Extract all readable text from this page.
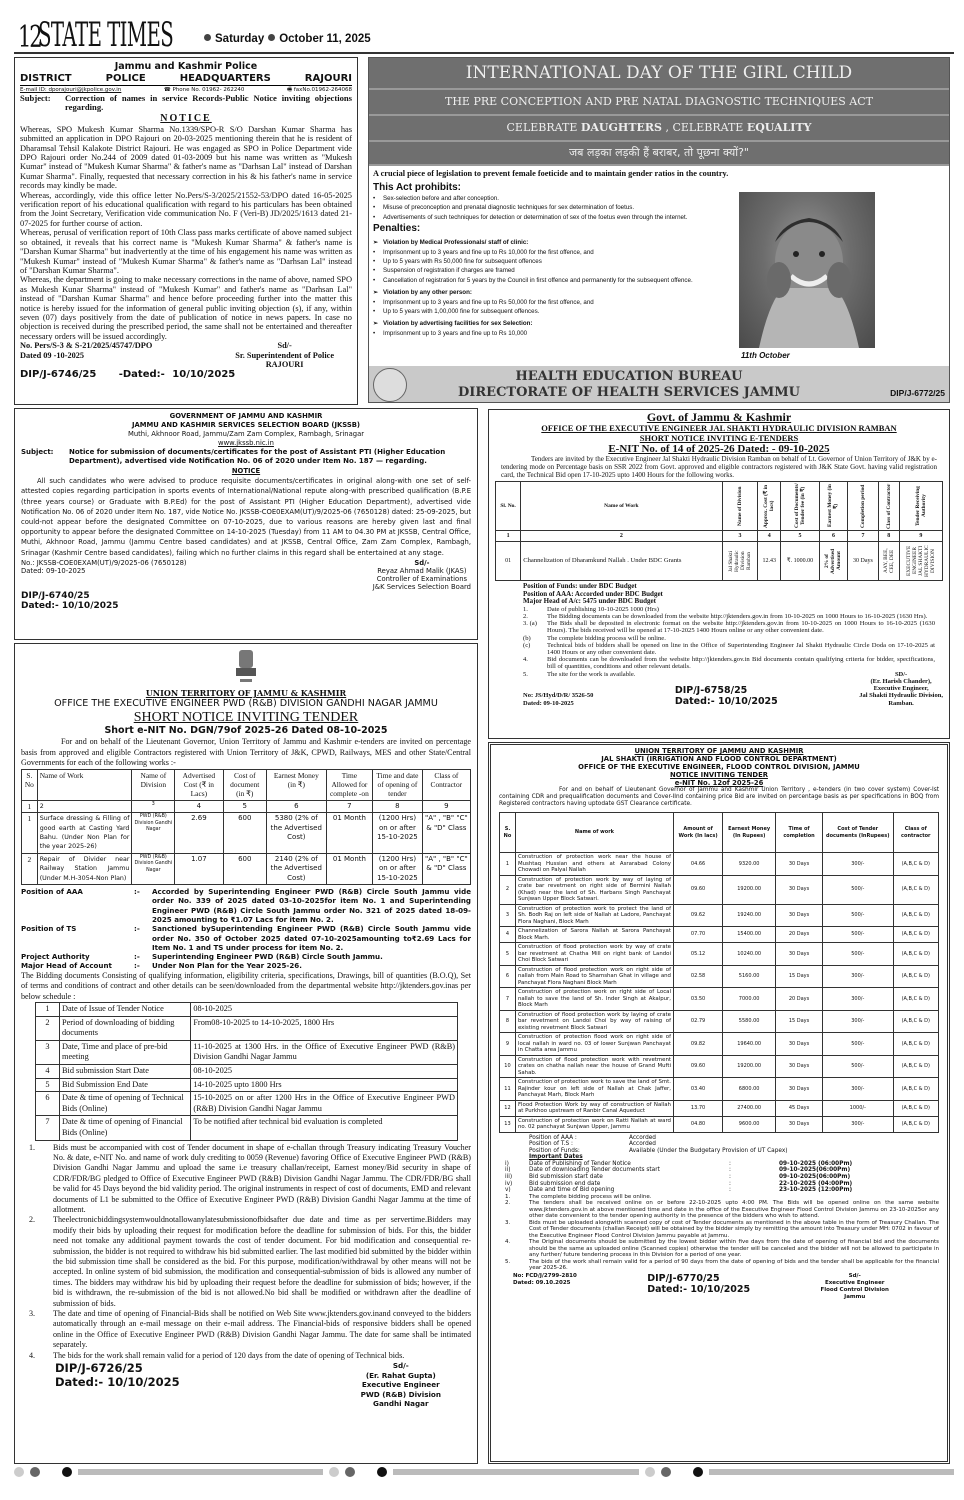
12
STATE TIMES	Saturday October 11, 2025
Jammu and Kashmir Police
DISTRICT	POLICE	HEADQUARTERS	RAJOURI
E-mail ID: dporajouri@jkpolice.gov.in	☎ Phone No. 01962- 262240	🖷 faxNo.01962-264068
Subject:	Correction of names in service Records-Public Notice inviting objections regarding.
NOTICE

Whereas, SPO Mukesh Kumar Sharma No.1339/SPO-R S/O Darshan Kumar Sharma has submitted an application in DPO Rajouri on 20-03-2025 mentioning therein that he is resident of Dharamsal Tehsil Kalakote District Rajouri. He was engaged as SPO in Police Department vide DPO Rajouri order No.244 of 2009 dated 01-03-2009 but his name was written as "Mukesh Kumar" instead of "Mukesh Kumar Sharma" & father's name as "Darhsan Lal" instead of Darshan Kumar Sharma". Finally, requested that necessary correction in his & his father's name in service records may kindly be made.

Whereas, accordingly, vide this office letter No.Pers/S-3/2025/21552-53/DPO dated 16-05-2025 verification report of his educational qualification with regard to his particulars has been obtained from the Joint Secretary, Verification vide communication No. F (Veri-B) JD/2025/1613 dated 21-07-2025 for further course of action.

Whereas, perusal of verification report of 10th Class pass marks certificate of above named subject so obtained, it reveals that his correct name is "Mukesh Kumar Sharma" & father's name is "Darshan Kumar Sharma" but inadvertently at the time of his engagement his name was written as "Mukesh Kumar" instead of "Mukesh Kumar Sharma" & father's name as "Darhsan Lal" instead of "Darshan Kumar Sharma".

Whereas, the department is going to make necessary corrections in the name of above, named SPO as Mukesh Kunar Sharma" instead of "Mukesh Kumar" and father's name as "Darhsan Lal" instead of "Darshan Kumar Sharma" and hence before proceeding further into the matter this notice is hereby issued for the information of general public inviting objection (s), if any, within seven (07) days positively from the date of publication of notice in news papers. In case no objection is received during the prescribed period, the same shall not be entertained and thereafter necessary orders will be issued accordingly.

No. Pers/S-3 & S-21/2025/45747/DPO
Dated 09 -10-2025
Sd/-
Sr. Superintendent of Police
RAJOURI
DIP/J-6746/25 -Dated:- 10/10/2025
INTERNATIONAL DAY OF THE GIRL CHILD
THE PRE CONCEPTION AND PRE NATAL DIAGNOSTIC TECHNIQUES ACT
CELEBRATE DAUGHTERS , CELEBRATE EQUALITY
जब लड़का लड़की हैं बराबर, तो पूछना क्यों?"
A crucial piece of legislation to prevent female foeticide and to maintain gender ratios in the country.
This Act prohibits:
• Sex-selection before and after conception.
• Misuse of preconception and prenatal diagnostic techniques for sex determination of foetus.
• Advertisements of such techniques for detection or determination of sex of the foetus even through the internet.
Penalties:
➢ Violation by Medical Professionals/ staff of clinic:
• Imprisonment up to 3 years and fine up to Rs 10,000 for the first offence, and
• Up to 5 years with Rs 50,000 fine for subsequent offences
• Suspension of registration if charges are framed
• Cancellation of registration for 5 years by the Council in first offence and permanently for the subsequent offence.
➢ Violation by any other person:
• Imprisonment up to 3 years and fine up to Rs 50,000 for the first offence, and
• Up to 5 years with 1,00,000 fine for subsequent offences.
➢ Violation by advertising facilities for sex Selection:
• Imprisonment up to 3 years and fine up to Rs 10,000
11th October
HEALTH EDUCATION BUREAU
DIRECTORATE OF HEALTH SERVICES JAMMU	DIP/J-6772/25
GOVERNMENT OF JAMMU AND KASHMIR
JAMMU AND KASHMIR SERVICES SELECTION BOARD (JKSSB)
Muthi, Akhnoor Road, Jammu/Zam Zam Complex, Rambagh, Srinagar
www.jkssb.nic.in
Subject:	Notice for submission of documents/certificates for the post of Assistant PTI (Higher Education Department), advertised vide Notification No. 06 of 2020 under Item No. 187 — regarding.
NOTICE

All such candidates who were advised to produce requisite documents/certificates in original along-with one set of self-attested copies regarding participation in sports events of International/National repute along-with prescribed qualification (B.P.E (three years course) or Graduate with B.P.Ed) for the post of Assistant PTI (Higher Education Department), advertised vide Notification No. 06 of 2020 under Item No. 187, vide Notice No. JKSSB-COE0EXAM(UT)/9/2025-06 (7650128) dated: 25-09-2025, but could-not appear before the designated Committee on 07-10-2025, due to various reasons are hereby given last and final opportunity to appear before the designated Committee on 14-10-2025 (Tuesday) from 11 AM to 04.30 PM at JKSSB, Central Office, Muthi, Akhnoor Road, Jammu (Jammu Centre based candidates) and at JKSSB, Central Office, Zam Zam Complex, Rambagh, Srinagar (Kashmir Centre based candidates), failing which no further claims in this regard shall be entertained at any stage.

No.: JKSSB-COE0EXAM(UT)/9/2025-06 (7650128)
Dated: 09-10-2025
Sd/-
Reyaz Ahmad Malik (JKAS)
Controller of Examinations
J&K Services Selection Board
DIP/J-6740/25
Dated:- 10/10/2025
UNION TERRITORY OF JAMMU & KASHMIR
OFFICE THE EXECUTIVE ENGINEER PWD (R&B) DIVISION GANDHI NAGAR JAMMU
SHORT NOTICE INVITING TENDER
Short e-NIT No. DGN/79of 2025-26 Dated 08-10-2025

For and on behalf of the Lieutenant Governor, Union Territory of Jammu and Kashmir e-tenders are invited on percentage basis from approved and eligible Contractors registered with Union Territory of J&K, CPWD, Railways, MES and other State/Central Governments for each of the following works :-

S. No	Name of Work	Name of Division	Advertised Cost (₹ in Lacs)	Cost of document (in ₹)	Earnest Money (in ₹)	Time Allowed for complete -on	Time and date of opening of tender	Class of Contractor
1	2	3	4	5	6	7	8	9
1	Surface dressing & Filling of good earth at Casting Yard Bahu. (Under Non Plan for the year 2025-26)	PWD (R&B) Division Gandhi Nagar	2.69	600	5380 (2% of the Advertised Cost)	01 Month	(1200 Hrs) on or after 15-10-2025	"A" , "B" "C" & "D" Class
2	Repair of Divider near Railway Station Jammu (Under M.H-3054-Non Plan)	PWD (R&B) Division Gandhi Nagar	1.07	600	2140 (2% of the Advertised Cost)	01 Month	(1200 Hrs) on or after 15-10-2025	"A" , "B" "C" & "D" Class
Position of AAA	:-	Accorded by Superintending Engineer PWD (R&B) Circle South Jammu vide order No. 339 of 2025 dated 03-10-2025for item No. 1 and Superintending Engineer PWD (R&B) Circle South Jammu order No. 321 of 2025 dated 18-09-2025 amounting to ₹1.07 Lacs for item No. 2.
Position of TS	:-	Sanctioned bySuperintending Engineer PWD (R&B) Circle South Jammu vide order No. 350 of October 2025 dated 07-10-2025amounting to₹2.69 Lacs for Item No. 1 and TS under process for item No. 2.
Project Authority	:-	Superintending Engineer PWD (R&B) Circle South Jammu.
Major Head of Account	:-	Under Non Plan for the Year 2025-26.

The Bidding documents Consisting of qualifying information, eligibility criteria, specifications, Drawings, bill of quantities (B.O.Q), Set of terms and conditions of contract and other details can be seen/downloaded from the departmental website http://jktenders.gov.inas per below schedule :

1	Date of Issue of Tender Notice	08-10-2025
2	Period of downloading of bidding documents	From08-10-2025 to 14-10-2025, 1800 Hrs
3	Date, Time and place of pre-bid meeting	11-10-2025 at 1300 Hrs. in the Office of Executive Engineer PWD (R&B) Division Gandhi Nagar Jammu
4	Bid submission Start Date	08-10-2025
5	Bid Submission End Date	14-10-2025 upto 1800 Hrs
6	Date & time of opening of Technical Bids (Online)	15-10-2025 on or after 1200 Hrs in the Office of Executive Engineer PWD (R&B) Division Gandhi Nagar Jammu
7	Date & time of opening of Financial Bids (Online)	To be notified after technical bid evaluation is completed
1.	Bids must be accompanied with cost of Tender document in shape of e-challan through Treasury indicating Treasury Voucher No. & date, e-NIT No. and name of work duly crediting to 0059 (Revenue) favoring Office of Executive Engineer PWD (R&B) Division Gandhi Nagar Jammu and upload the same i.e treasury challan/receipt, Earnest money/Bid security in shape of CDR/FDR/BG pledged to Office of Executive Engineer PWD (R&B) Division Gandhi Nagar Jammu. The CDR/FDR/BG shall be valid for 45 Days beyond the bid validity period. The original instruments in respect of cost of documents, EMD and relevant documents of L1 be submitted to the Office of Executive Engineer PWD (R&B) Division Gandhi Nagar Jammu at the time of allotment.
2.	Theelectronicbiddingsystemwouldnotallowanylatesubmissionofbidsafter due date and time as per servertime.Bidders may modify their bids by uploading their request for modification before the deadline for submission of bids. For this, the bidder need not tomake any additional payment towards the cost of tender document. For bid modification and consequential re-submission, the bidder is not required to withdraw his bid submitted earlier. The last modified bid submitted by the bidder within the bid submission time shall be considered as the bid. For this purpose, modification/withdrawal by other means will not be accepted. In online system of bid submission, the modification and consequential-submission of bids is allowed any number of times. The bidders may withdraw his bid by uploading their request before the deadline for submission of bids; however, if the bid is withdrawn, the re-submission of the bid is not allowed.No bid shall be modified or withdrawn after the deadline of submission of bids.
3.	The date and time of opening of Financial-Bids shall be notified on Web Site www.jktenders.gov.inand conveyed to the bidders automatically through an e-mail message on their e-mail address. The Financial-bids of responsive bidders shall be opened online in the Office of Executive Engineer PWD (R&B) Division Gandhi Nagar Jammu. The date for same shall be intimated separately.
4.	The bids for the work shall remain valid for a period of 120 days from the date of opening of Technical bids.
DIP/J-6726/25
Dated:- 10/10/2025
Sd/-
(Er. Rahat Gupta)
Executive Engineer
PWD (R&B) Division
Gandhi Nagar
Govt. of Jammu & Kashmir
OFFICE OF THE EXECUTIVE ENGINEER JAL SHAKTI HYDRAULIC DIVISION RAMBAN
SHORT NOTICE INVITING E-TENDERS
E-NIT No. of 14 of 2025-26 Dated: - 09-10-2025

Tenders are invited by the Executive Engineer Jal Shakti Hydraulic Division Ramban on behalf of Lt. Governor of Union Territory of J&K by e-tendering mode on Percentage basis on SSR 2022 from Govt. approved and eligible contractors registered with J&K State Govt. having valid registration card, the Technical Bid open 17-10-2025 upto 1400 Hours for the following works.

Sl. No.	Name of Work	Name of Division	Approx. Cost (₹ in lacs)	Cost of Documents/ Tender fee (in ₹)	Earnest Money (in ₹)	Completion period	Class of Contractor	Tender Receiving Authority

1	2	3	4	5	6	7	8	9
01	Channelization of Dharamkund Nallah . Under BDC Grants	Jal Shakti Hydraulic Division Ramban	12.43	₹. 1000.00	2% of Advertised Amount	30 Days	AAY, BEE, CEE, DEE	EXECUTIVE ENGINEER JAL SHAKTI HYDRAULIC DIVISION
Position of Funds: under BDC Budget
Position of AAA: Accorded under BDC Budget
Major Head of A/c: 5475 under BDC Budget
1.	Date of publishing 10-10-2025 1000 (Hrs)
2.	The Bidding documents can be downloaded from the website http://jktenders.gov.in from 10-10-2025 on 1000 Hours to 16-10-2025 (1630 Hrs).
3. (a)	The Bids shall be deposited in electronic format on the website http://jktenders.gov.in from 10-10-2025 on 1000 Hours to 16-10-2025 (1630 Hours). The bids received will be opened at 17-10-2025 1400 Hours online or any other convenient date.
(b)	The complete bidding process will be online.
(c)	Technical bids of bidders shall be opened on line in the Office of Superintending Engineer Jal Shakti Hydraulic Circle Doda on 17-10-2025 at 1400 Hours or any other convenient date.
4.	Bid documents can be downloaded from the website http://jktenders.gov.in Bid documents contain qualifying criteria for bidder, specifications, bill of quantities, conditions and other relevant details.
5.	The site for the work is available.
No: JS/Hyd/D/R/ 3526-50
Dated: 09-10-2025
DIP/J-6758/25
Dated:- 10/10/2025
SD/-
(Er. Harish Chander),
Executive Engineer,
Jal Shakti Hydraulic Division,
Ramban.
UNION TERRITORY OF JAMMU AND KASHMIR
JAL SHAKTI (IRRIGATION AND FLOOD CONTROL DEPARTMENT)
OFFICE OF THE EXECUTIVE ENGINEER, FLOOD CONTROL DIVISION, JAMMU
NOTICE INVITING TENDER
e-NIT No. 12of 2025-26

For and on behalf of Lieutenant Governor of Jammu and Kashmir Union Territory , e-tenders (in two cover system) Cover-Ist containing CDR and prequalification documents and Cover-IInd containing price Bid are invited on percentage basis as per specifications in BOQ from Registered contractors having uptodate GST Clearance certificate.

S. No	Name of work	Amount of Work (In lacs)	Earnest Money (In Rupees)	Time of completion	Cost of Tender documents (InRupees)	Class of contractor
1	Construction of protection work near the house of Mushtaq Hussian and others at Asrarabad Colony Chowadi on Palyal Nallah	04.66	9320.00	30 Days	300/-	(A,B,C & D)
2	Construction of protection work by way of laying of crate bar revetment on right side of Bermini Nallah (Khad) near the land of Sh. Harbans Singh Panchayat Sunjwan Upper Block Satwari.	09.60	19200.00	30 Days	500/-	(A,B,C & D)
3	Construction of protection work to protect the land of Sh. Bodh Raj on left side of Nallah at Ladore, Panchayat Flora Naghani, Block Marh	09.62	19240.00	30 Days	500/-	(A,B,C & D)
4	Channelization of Sarora Nallah at Sarora Panchayat Block Marh.	07.70	15400.00	20 Days	500/-	(A,B,C & D)
5	Construction of flood protection work by way of crate bar revetment at Chatha Mill on right bank of Landoi Choi Block Satwari	05.12	10240.00	30 Days	500/-	(A,B,C & D)
6	Construction of flood protection work on right side of nallah from Main Road to Shamshan Ghat in village and Panchayat Flora Naghani Block Marh	02.58	5160.00	15 Days	300/-	(A,B,C & D)
7	Construction of protection work on right side of Local nallah to save the land of Sh. Inder Singh at Akalpur, Block Marh	03.50	7000.00	20 Days	300/-	(A,B,C & D)
8	Construction of flood protection work by laying of crate bar revetment on Landoi Choi by way of raising of existing revetment Block Satwari	02.79	5580.00	15 Days	300/-	(A,B,C & D)
9	Construction of protection flood work on right side of local nallah in ward no. 03 of lower Sunjwan Panchayat in Chatta area Jammu	09.82	19640.00	30 Days	500/-	(A,B,C & D)
10	Construction of flood protection work with revetment crates on chatha nallah near the house of Grand Mufti Sahab.	09.60	19200.00	30 Days	500/-	(A,B,C & D)
11	Construction of protection work to save the land of Smt. Rajinder kour on left side of Nallah at Chak Jaffer, Panchayat Marh, Block Marh	03.40	6800.00	30 Days	300/-	(A,B,C & D)
12	Flood Protection Work by way of construction of Nallah at Purkhoo upstream of Ranbir Canal Aqueduct	13.70	27400.00	45 Days	1000/-	(A,B,C & D)
13	Construction of protection work on Ratti Nallah at ward no. 02 panchayat Sunjwan Upper, Jammu	04.80	9600.00	30 Days	300/-	(A,B,C & D)
Position of AAA :	Accorded
Position of T.S :	Accorded
Position of Funds:	Available (Under the Budgetary Provision of UT Capex)
Important Dates
i)	Date of Publishing of Tender Notice	:	09-10-2025 (06:00Pm)
ii)	Date of downloading Tender documents start	:	09-10-2025(06:00Pm)
iii)	Bid submission start date	:	09-10-2025(06:00Pm)
iv)	Bid submission end date	:	22-10-2025 (04:00Pm)
v)	Date and time of Bid opening	:	23-10-2025 (12:00Pm)
1.	The complete bidding process will be online.
2.	The tenders shall be received online on or before 22-10-2025 upto 4:00 PM. The Bids will be opened online on the same website www.jktenders.gov.in at above mentioned time and date in the office of the Executive Engineer Flood Control Division Jammu on 23-10-2025or any other date convenient to the tender opening authority in the presence of the bidders who wish to attend.
3.	Bids must be uploaded alongwith scanned copy of cost of Tender documents as mentioned in the above table in the form of Treasury Challan. The Cost of Tender documents (challan Receipt) will be obtained by the bidder simply by remitting the amount into Treasury under MH: 0702 in favour of the Executive Engineer Flood Control Division Jammu payable at Jammu.
4.	The Original documents should be submitted by the lowest bidder within five days from the date of opening of financial bid and the documents should be the same as uploaded online (Scanned copies) otherwise the tender will be canceled and the bidder will not be allowed to participate in any further/ future tendering process in this Division for a period of one year.
5.	The bids of the work shall remain valid for a period of 90 days from the date of opening of bids and the tender shall be applicable for the financial year 2025-26.
No: FCD/J/2799-2810
Dated: 09.10.2025	DIP/J-6770/25
Dated:- 10/10/2025
Sd/-
Executive Engineer
Flood Control Division
Jammu
